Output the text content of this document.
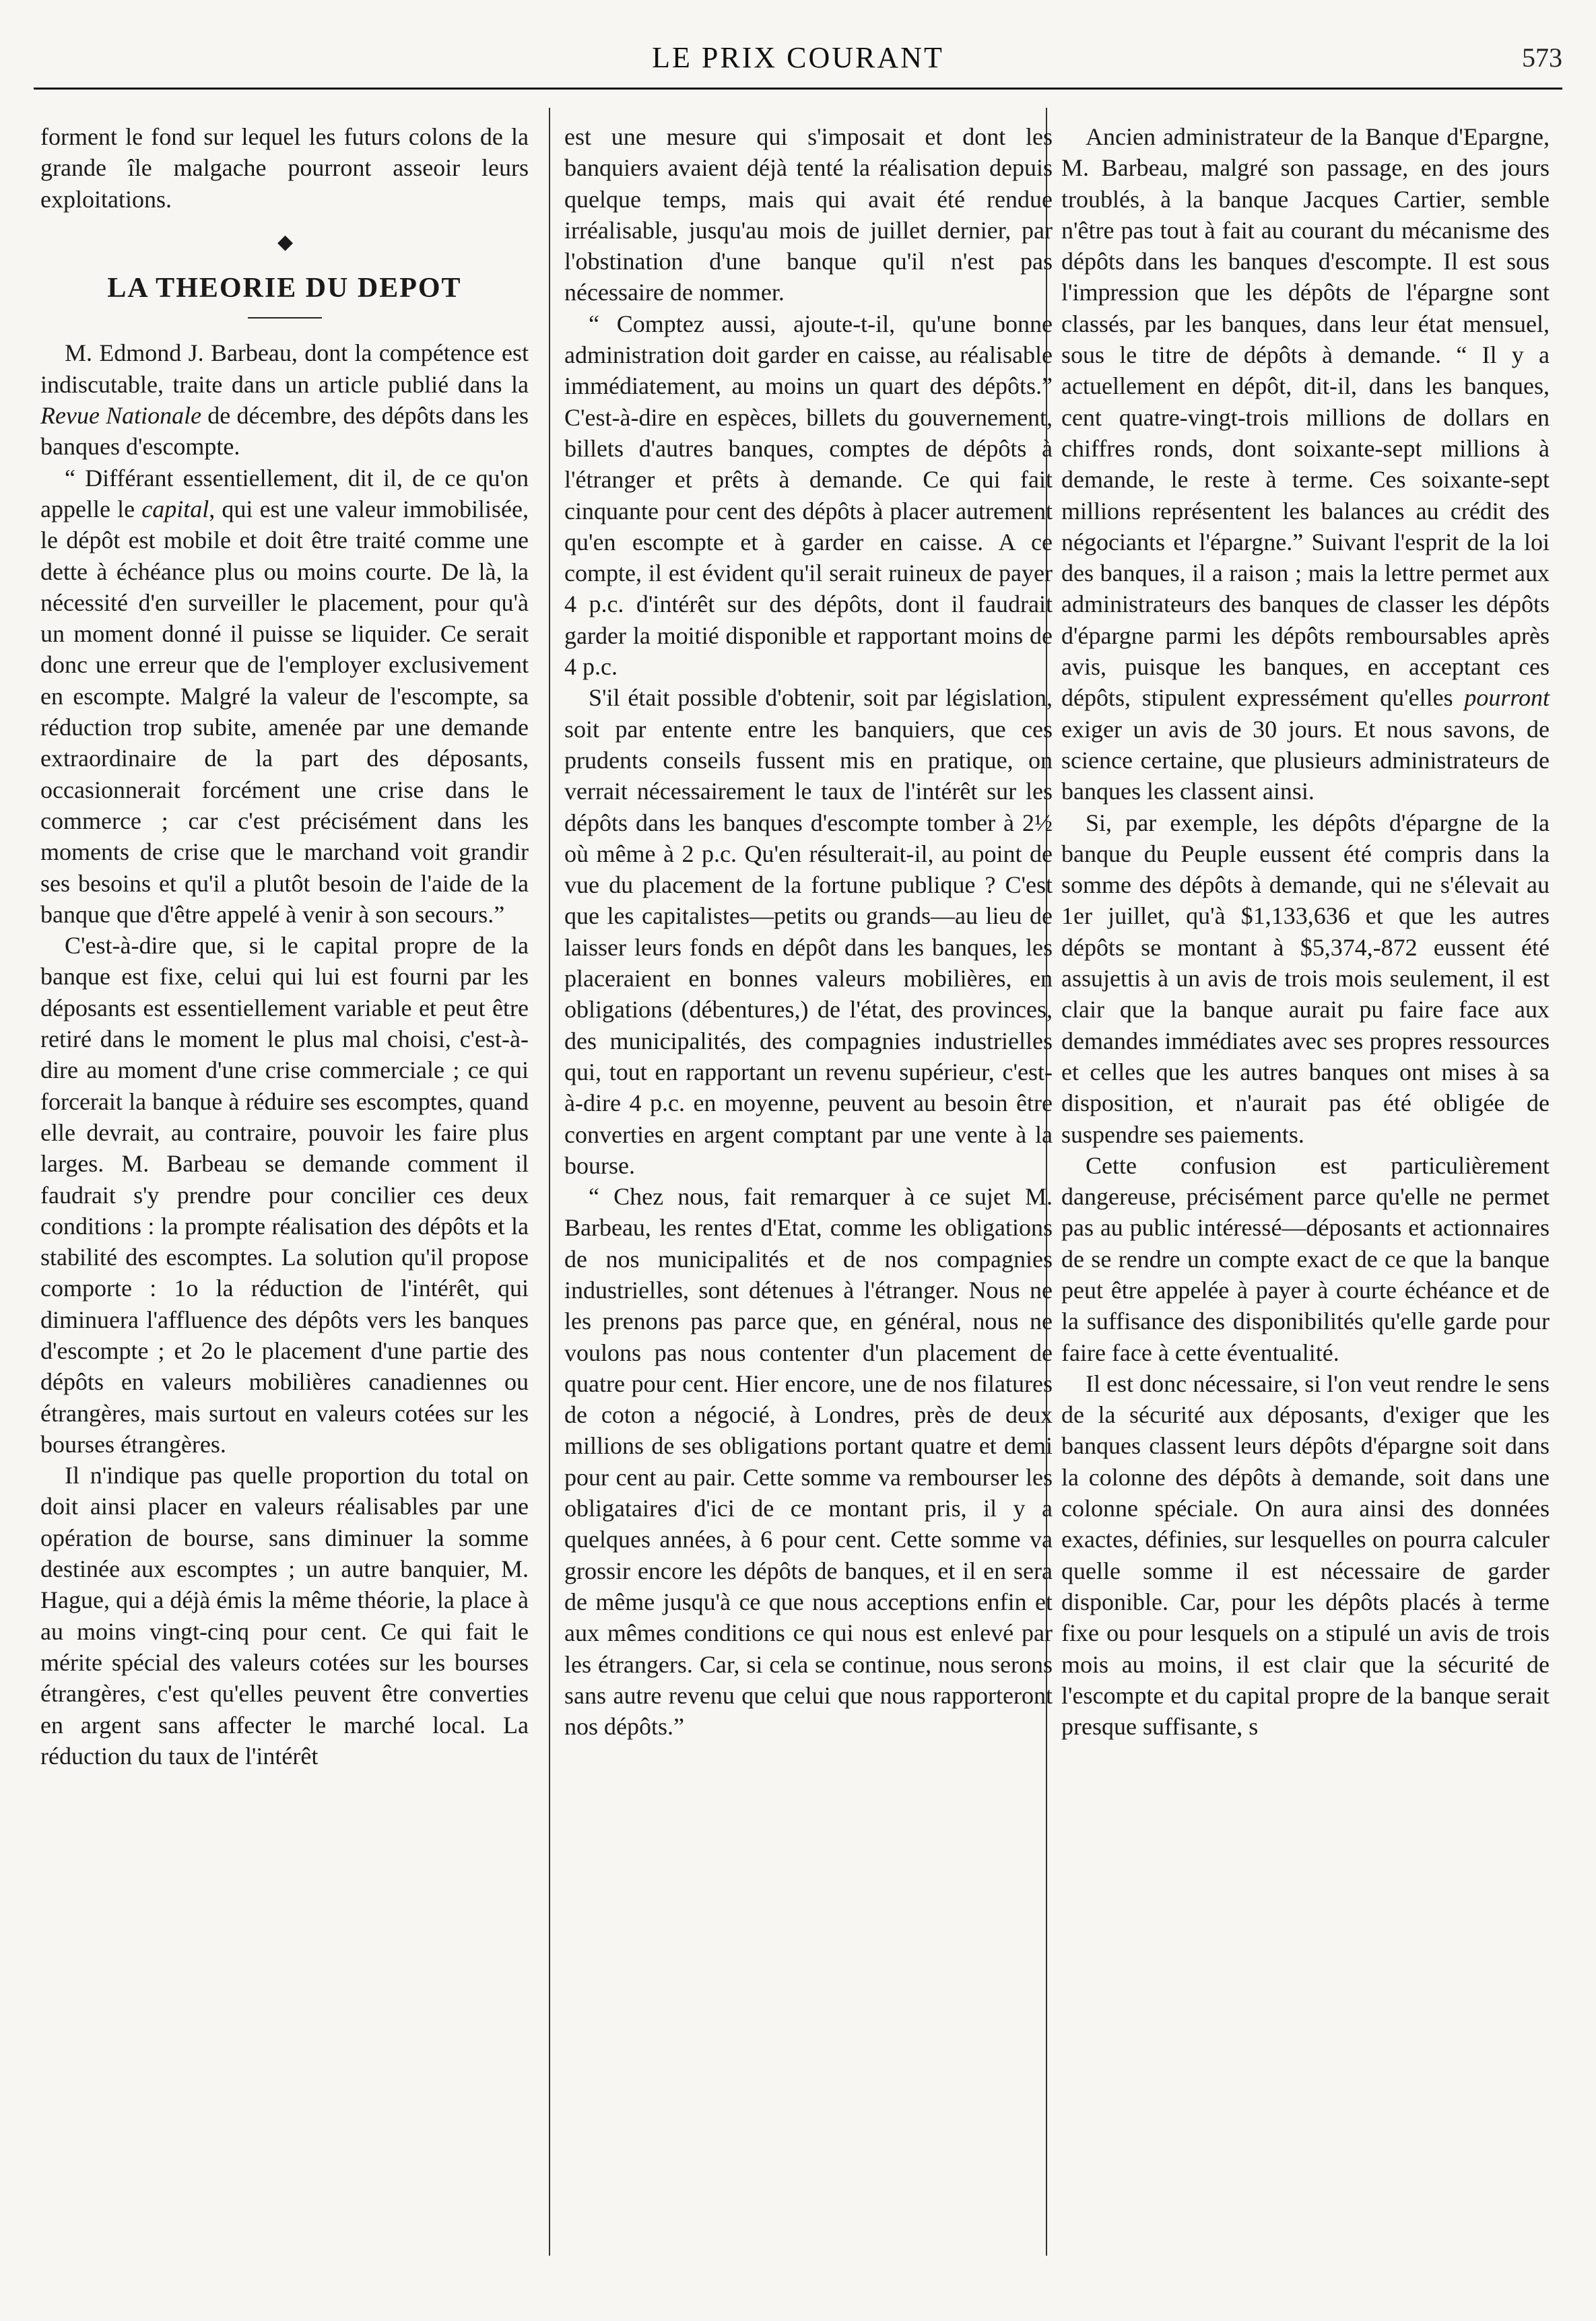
LE PRIX COURANT	573

forment le fond sur lequel les futurs colons de la grande île malgache pourront asseoir leurs exploitations.

◆
LA THEORIE DU DEPOT

M. Edmond J. Barbeau, dont la compétence est indiscutable, traite dans un article publié dans la Revue Nationale de décembre, des dépôts dans les banques d'escompte.

“ Différant essentiellement, dit il, de ce qu'on appelle le capital, qui est une valeur immobilisée, le dépôt est mobile et doit être traité comme une dette à échéance plus ou moins courte. De là, la nécessité d'en surveiller le placement, pour qu'à un moment donné il puisse se liquider. Ce serait donc une erreur que de l'employer exclusivement en escompte. Malgré la valeur de l'escompte, sa réduction trop subite, amenée par une demande extraordinaire de la part des déposants, occasionnerait forcément une crise dans le commerce ; car c'est précisément dans les moments de crise que le marchand voit grandir ses besoins et qu'il a plutôt besoin de l'aide de la banque que d'être appelé à venir à son secours.”

C'est-à-dire que, si le capital propre de la banque est fixe, celui qui lui est fourni par les déposants est essentiellement variable et peut être retiré dans le moment le plus mal choisi, c'est-à-dire au moment d'une crise commerciale ; ce qui forcerait la banque à réduire ses escomptes, quand elle devrait, au contraire, pouvoir les faire plus larges. M. Barbeau se demande comment il faudrait s'y prendre pour concilier ces deux conditions : la prompte réalisation des dépôts et la stabilité des escomptes. La solution qu'il propose comporte : 1o la réduction de l'intérêt, qui diminuera l'affluence des dépôts vers les banques d'escompte ; et 2o le placement d'une partie des dépôts en valeurs mobilières canadiennes ou étrangères, mais surtout en valeurs cotées sur les bourses étrangères.

Il n'indique pas quelle proportion du total on doit ainsi placer en valeurs réalisables par une opération de bourse, sans diminuer la somme destinée aux escomptes ; un autre banquier, M. Hague, qui a déjà émis la même théorie, la place à au moins vingt-cinq pour cent. Ce qui fait le mérite spécial des valeurs cotées sur les bourses étrangères, c'est qu'elles peuvent être converties en argent sans affecter le marché local. La réduction du taux de l'intérêt

est une mesure qui s'imposait et dont les banquiers avaient déjà tenté la réalisation depuis quelque temps, mais qui avait été rendue irréalisable, jusqu'au mois de juillet dernier, par l'obstination d'une banque qu'il n'est pas nécessaire de nommer.

“ Comptez aussi, ajoute-t-il, qu'une bonne administration doit garder en caisse, au réalisable immédiatement, au moins un quart des dépôts.” C'est-à-dire en espèces, billets du gouvernement, billets d'autres banques, comptes de dépôts à l'étranger et prêts à demande. Ce qui fait cinquante pour cent des dépôts à placer autrement qu'en escompte et à garder en caisse. A ce compte, il est évident qu'il serait ruineux de payer 4 p.c. d'intérêt sur des dépôts, dont il faudrait garder la moitié disponible et rapportant moins de 4 p.c.

S'il était possible d'obtenir, soit par législation, soit par entente entre les banquiers, que ces prudents conseils fussent mis en pratique, on verrait nécessairement le taux de l'intérêt sur les dépôts dans les banques d'escompte tomber à 2½ où même à 2 p.c. Qu'en résulterait-il, au point de vue du placement de la fortune publique ? C'est que les capitalistes—petits ou grands—au lieu de laisser leurs fonds en dépôt dans les banques, les placeraient en bonnes valeurs mobilières, en obligations (débentures,) de l'état, des provinces, des municipalités, des compagnies industrielles qui, tout en rapportant un revenu supérieur, c'est-à-dire 4 p.c. en moyenne, peuvent au besoin être converties en argent comptant par une vente à la bourse.

“ Chez nous, fait remarquer à ce sujet M. Barbeau, les rentes d'Etat, comme les obligations de nos municipalités et de nos compagnies industrielles, sont détenues à l'étranger. Nous ne les prenons pas parce que, en général, nous ne voulons pas nous contenter d'un placement de quatre pour cent. Hier encore, une de nos filatures de coton a négocié, à Londres, près de deux millions de ses obligations portant quatre et demi pour cent au pair. Cette somme va rembourser les obligataires d'ici de ce montant pris, il y a quelques années, à 6 pour cent. Cette somme va grossir encore les dépôts de banques, et il en sera de même jusqu'à ce que nous acceptions enfin et aux mêmes conditions ce qui nous est enlevé par les étrangers. Car, si cela se continue, nous serons sans autre revenu que celui que nous rapporteront nos dépôts.”

Ancien administrateur de la Banque d'Epargne, M. Barbeau, malgré son passage, en des jours troublés, à la banque Jacques Cartier, semble n'être pas tout à fait au courant du mécanisme des dépôts dans les banques d'escompte. Il est sous l'impression que les dépôts de l'épargne sont classés, par les banques, dans leur état mensuel, sous le titre de dépôts à demande. “ Il y a actuellement en dépôt, dit-il, dans les banques, cent quatre-vingt-trois millions de dollars en chiffres ronds, dont soixante-sept millions à demande, le reste à terme. Ces soixante-sept millions représentent les balances au crédit des négociants et l'épargne.” Suivant l'esprit de la loi des banques, il a raison ; mais la lettre permet aux administrateurs des banques de classer les dépôts d'épargne parmi les dépôts remboursables après avis, puisque les banques, en acceptant ces dépôts, stipulent expressément qu'elles pourront exiger un avis de 30 jours. Et nous savons, de science certaine, que plusieurs administrateurs de banques les classent ainsi.

Si, par exemple, les dépôts d'épargne de la banque du Peuple eussent été compris dans la somme des dépôts à demande, qui ne s'élevait au 1er juillet, qu'à $1,133,636 et que les autres dépôts se montant à $5,374,-872 eussent été assujettis à un avis de trois mois seulement, il est clair que la banque aurait pu faire face aux demandes immédiates avec ses propres ressources et celles que les autres banques ont mises à sa disposition, et n'aurait pas été obligée de suspendre ses paiements.

Cette confusion est particulièrement dangereuse, précisément parce qu'elle ne permet pas au public intéressé—déposants et actionnaires de se rendre un compte exact de ce que la banque peut être appelée à payer à courte échéance et de la suffisance des disponibilités qu'elle garde pour faire face à cette éventualité.

Il est donc nécessaire, si l'on veut rendre le sens de la sécurité aux déposants, d'exiger que les banques classent leurs dépôts d'épargne soit dans la colonne des dépôts à demande, soit dans une colonne spéciale. On aura ainsi des données exactes, définies, sur lesquelles on pourra calculer quelle somme il est nécessaire de garder disponible. Car, pour les dépôts placés à terme fixe ou pour lesquels on a stipulé un avis de trois mois au moins, il est clair que la sécurité de l'escompte et du capital propre de la banque serait presque suffisante, s
